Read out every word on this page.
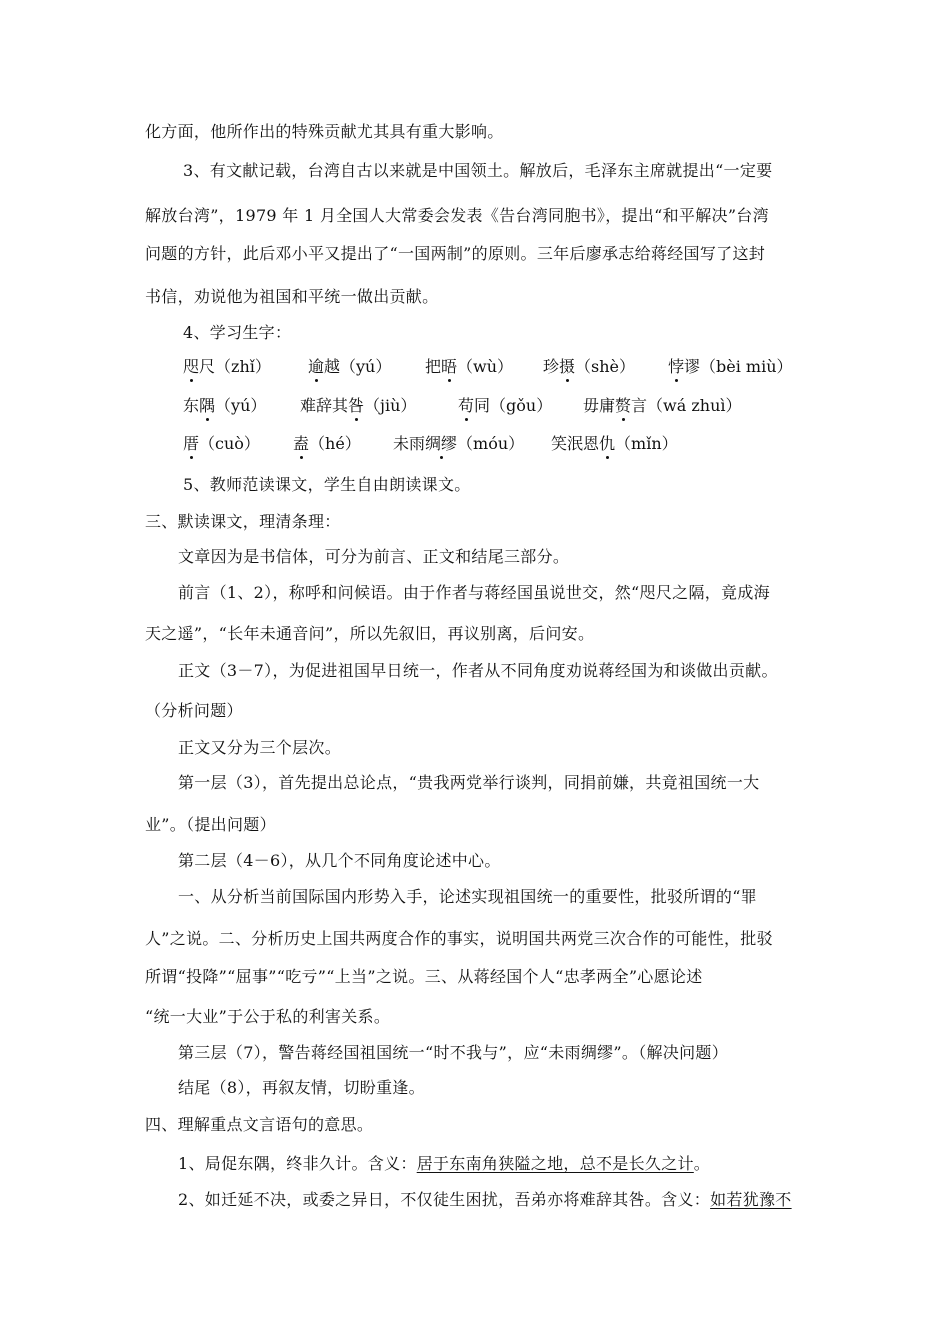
化方面，他所作出的特殊贡献尤其具有重大影响。
3、有文献记载，台湾自古以来就是中国领土。解放后，毛泽东主席就提出“一定要
解放台湾”，1979 年 1 月全国人大常委会发表《告台湾同胞书》，提出“和平解决”台湾
问题的方针，此后邓小平又提出了“一国两制”的原则。三年后廖承志给蒋经国写了这封
书信，劝说他为祖国和平统一做出贡献。
4、学习生字：
咫尺（zhǐ） 逾越（yú） 把晤（wù） 珍摄（shè） 悖谬（bèi miù）
东隅（yú） 难辞其咎（jiù）	苟同（gǒu） 毋庸赘言（wá zhuì）
厝（cuò） 盍（hé） 未雨绸缪（móu） 笑泯恩仇（mǐn）
5、教师范读课文，学生自由朗读课文。
三、默读课文，理清条理：
文章因为是书信体，可分为前言、正文和结尾三部分。
前言（1、2），称呼和问候语。由于作者与蒋经国虽说世交，然“咫尺之隔，竟成海
天之遥”，“长年未通音问”，所以先叙旧，再议别离，后问安。
正文（3－7），为促进祖国早日统一，作者从不同角度劝说蒋经国为和谈做出贡献。
（分析问题）
正文又分为三个层次。
第一层（3），首先提出总论点，“贵我两党举行谈判，同捐前嫌，共竟祖国统一大
业”。（提出问题）
第二层（4－6），从几个不同角度论述中心。
一、从分析当前国际国内形势入手，论述实现祖国统一的重要性，批驳所谓的“罪
人”之说。二、分析历史上国共两度合作的事实，说明国共两党三次合作的可能性，批驳
所谓“投降”“屈事”“吃亏”“上当”之说。三、从蒋经国个人“忠孝两全”心愿论述
“统一大业”于公于私的利害关系。
第三层（7），警告蒋经国祖国统一“时不我与”，应“未雨绸缪”。（解决问题）
结尾（8），再叙友情，切盼重逢。
四、理解重点文言语句的意思。
1、局促东隅，终非久计。含义：居于东南角狭隘之地，总不是长久之计。
2、如迁延不决，或委之异日，不仅徒生困扰，吾弟亦将难辞其咎。含义：如若犹豫不
